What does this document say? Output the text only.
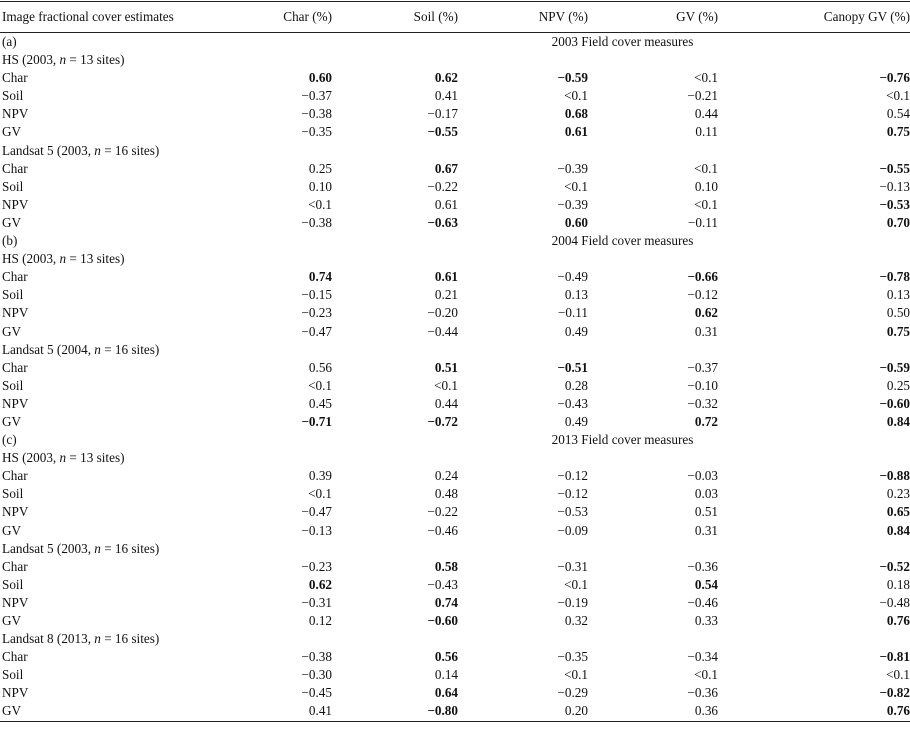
Image fractional cover estimates	Char (%)	Soil (%)	NPV (%)	GV (%)	Canopy GV (%)
(a)	2003 Field cover measures
HS (2003, n = 13 sites)
Char	0.60	0.62	−0.59	<0.1	−0.76
Soil	−0.37	0.41	<0.1	−0.21	<0.1
NPV	−0.38	−0.17	0.68	0.44	0.54
GV	−0.35	−0.55	0.61	0.11	0.75
Landsat 5 (2003, n = 16 sites)
Char	0.25	0.67	−0.39	<0.1	−0.55
Soil	0.10	−0.22	<0.1	0.10	−0.13
NPV	<0.1	0.61	−0.39	<0.1	−0.53
GV	−0.38	−0.63	0.60	−0.11	0.70
(b)	2004 Field cover measures
HS (2003, n = 13 sites)
Char	0.74	0.61	−0.49	−0.66	−0.78
Soil	−0.15	0.21	0.13	−0.12	0.13
NPV	−0.23	−0.20	−0.11	0.62	0.50
GV	−0.47	−0.44	0.49	0.31	0.75
Landsat 5 (2004, n = 16 sites)
Char	0.56	0.51	−0.51	−0.37	−0.59
Soil	<0.1	<0.1	0.28	−0.10	0.25
NPV	0.45	0.44	−0.43	−0.32	−0.60
GV	−0.71	−0.72	0.49	0.72	0.84
(c)	2013 Field cover measures
HS (2003, n = 13 sites)
Char	0.39	0.24	−0.12	−0.03	−0.88
Soil	<0.1	0.48	−0.12	0.03	0.23
NPV	−0.47	−0.22	−0.53	0.51	0.65
GV	−0.13	−0.46	−0.09	0.31	0.84
Landsat 5 (2003, n = 16 sites)
Char	−0.23	0.58	−0.31	−0.36	−0.52
Soil	0.62	−0.43	<0.1	0.54	0.18
NPV	−0.31	0.74	−0.19	−0.46	−0.48
GV	0.12	−0.60	0.32	0.33	0.76
Landsat 8 (2013, n = 16 sites)
Char	−0.38	0.56	−0.35	−0.34	−0.81
Soil	−0.30	0.14	<0.1	<0.1	<0.1
NPV	−0.45	0.64	−0.29	−0.36	−0.82
GV	0.41	−0.80	0.20	0.36	0.76
